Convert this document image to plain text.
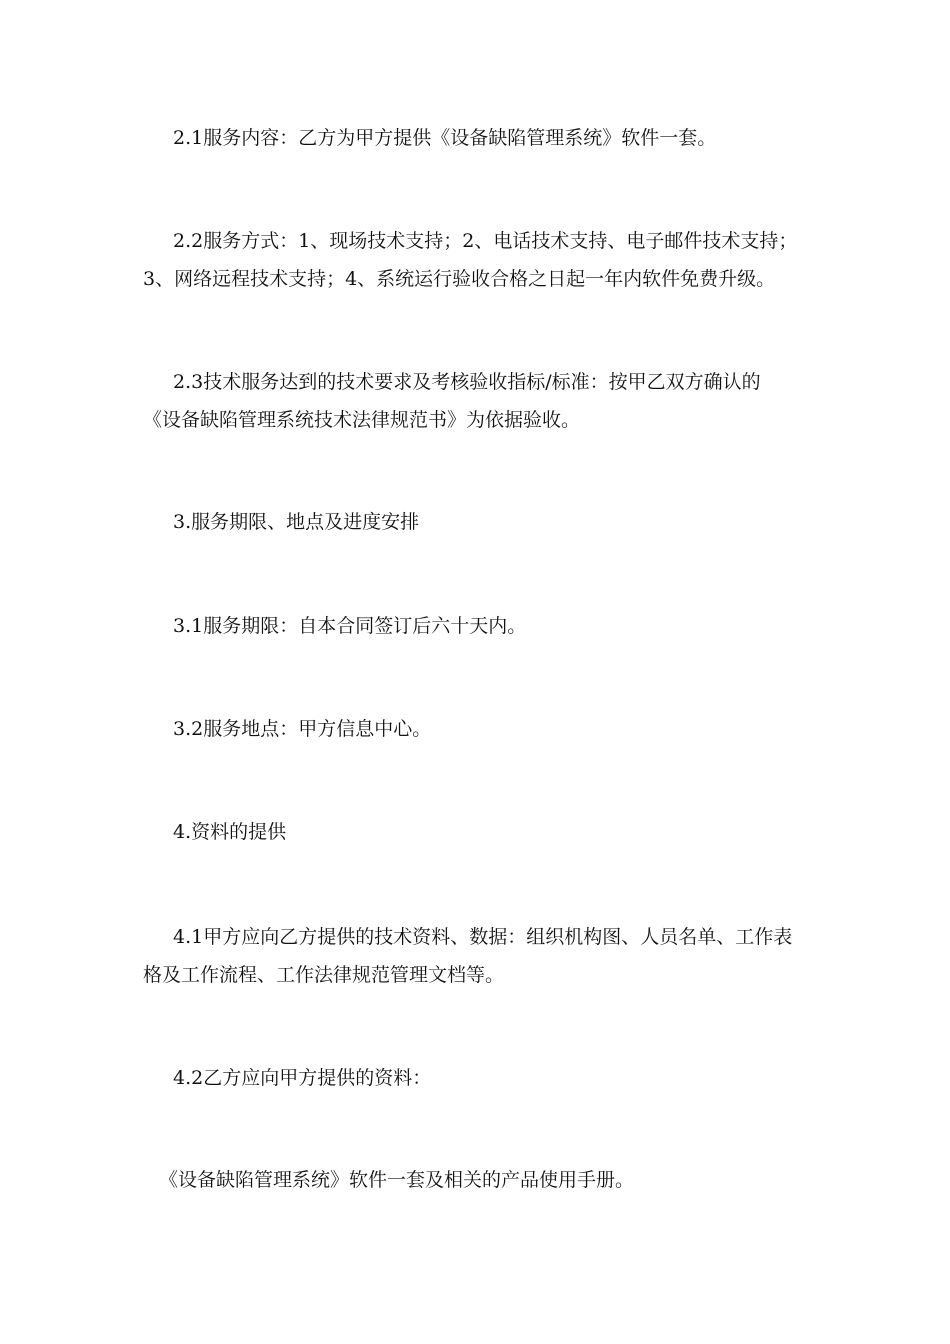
2.1服务内容：乙方为甲方提供《设备缺陷管理系统》软件一套。

2.2服务方式：1、现场技术支持；2、电话技术支持、电子邮件技术支持；
3、网络远程技术支持；4、系统运行验收合格之日起一年内软件免费升级。

2.3技术服务达到的技术要求及考核验收指标/标准：按甲乙双方确认的
《设备缺陷管理系统技术法律规范书》为依据验收。

3.服务期限、地点及进度安排

3.1服务期限：自本合同签订后六十天内。

3.2服务地点：甲方信息中心。

4.资料的提供

4.1甲方应向乙方提供的技术资料、数据：组织机构图、人员名单、工作表
格及工作流程、工作法律规范管理文档等。

4.2乙方应向甲方提供的资料：

《设备缺陷管理系统》软件一套及相关的产品使用手册。
